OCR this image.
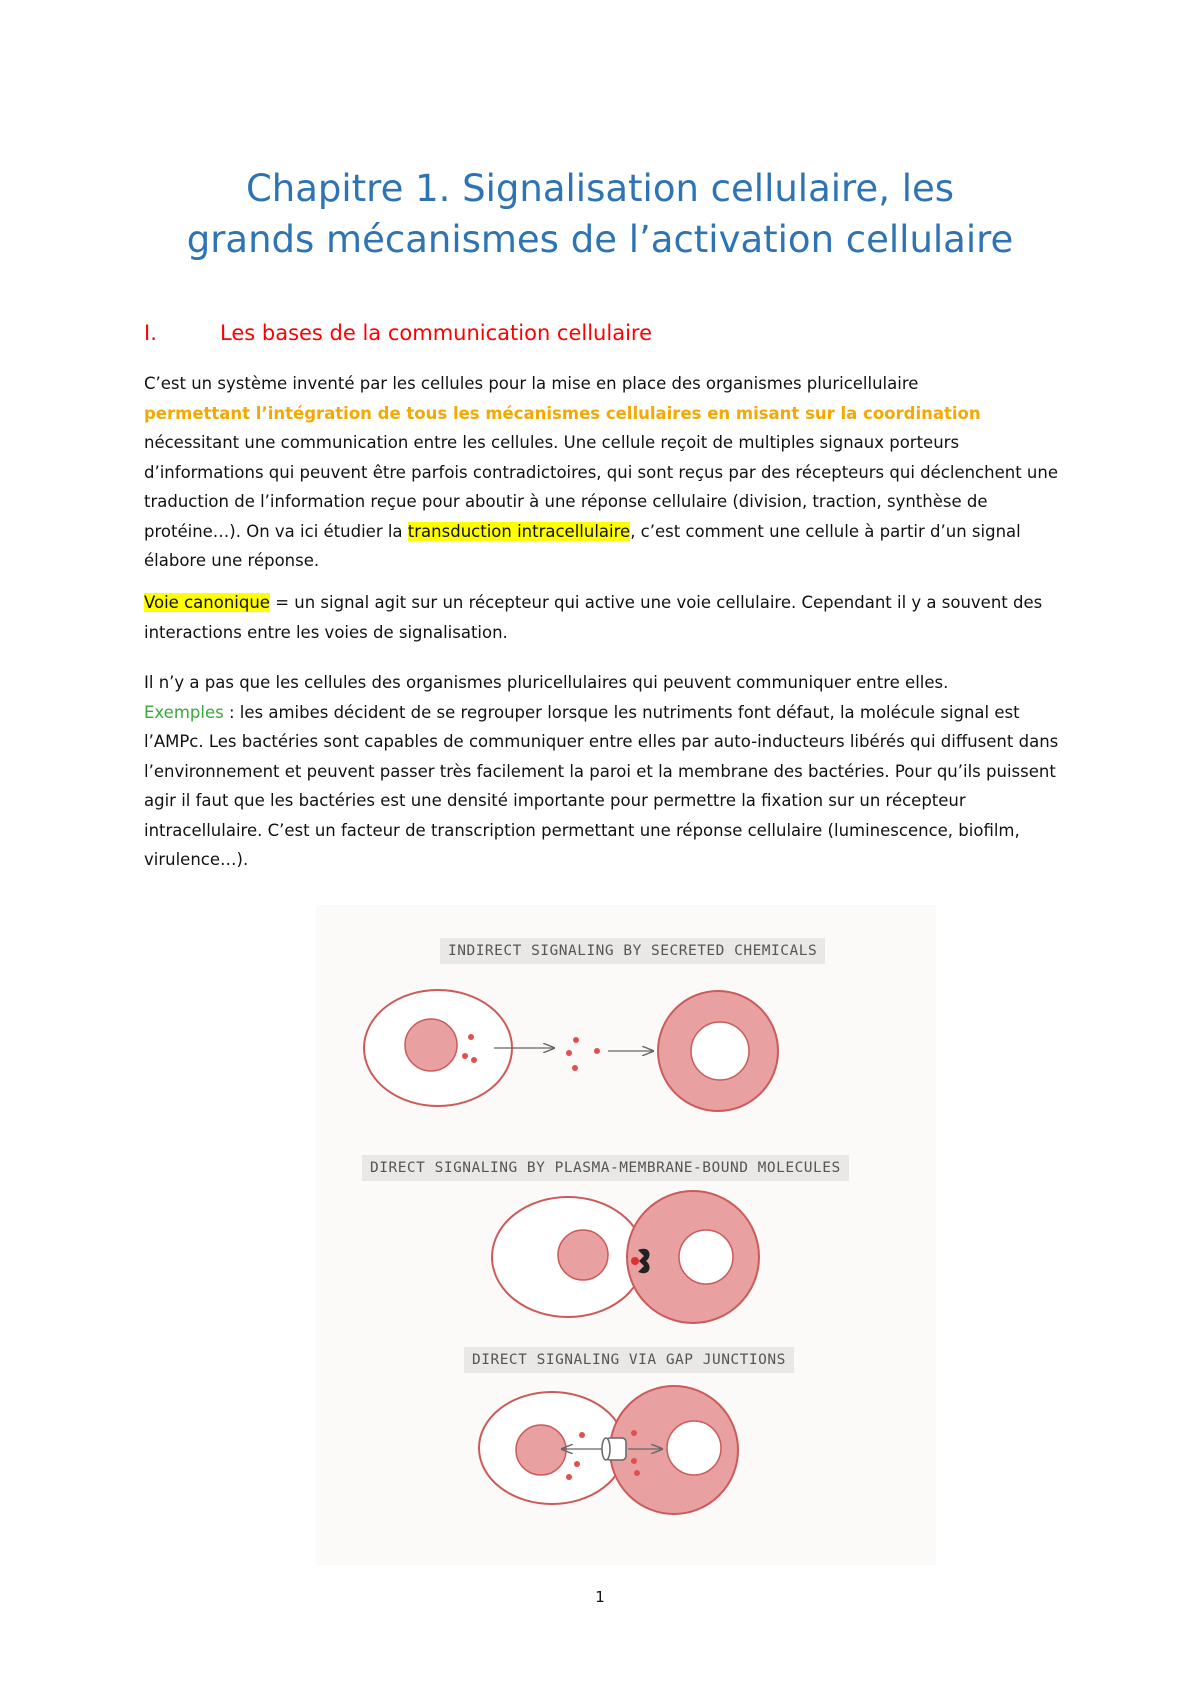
Chapitre 1. Signalisation cellulaire, les
grands mécanismes de l’activation cellulaire
I.	Les bases de la communication cellulaire

C’est un système inventé par les cellules pour la mise en place des organismes pluricellulaire
permettant l’intégration de tous les mécanismes cellulaires en misant sur la coordination
nécessitant une communication entre les cellules. Une cellule reçoit de multiples signaux porteurs d’informations qui peuvent être parfois contradictoires, qui sont reçus par des récepteurs qui déclenchent une traduction de l’information reçue pour aboutir à une réponse cellulaire (division, traction, synthèse de protéine…). On va ici étudier la transduction intracellulaire, c’est comment une cellule à partir d’un signal élabore une réponse.

Voie canonique = un signal agit sur un récepteur qui active une voie cellulaire. Cependant il y a souvent des interactions entre les voies de signalisation.

Il n’y a pas que les cellules des organismes pluricellulaires qui peuvent communiquer entre elles.
Exemples : les amibes décident de se regrouper lorsque les nutriments font défaut, la molécule signal est l’AMPc. Les bactéries sont capables de communiquer entre elles par auto-inducteurs libérés qui diffusent dans l’environnement et peuvent passer très facilement la paroi et la membrane des bactéries. Pour qu’ils puissent agir il faut que les bactéries est une densité importante pour permettre la fixation sur un récepteur intracellulaire. C’est un facteur de transcription permettant une réponse cellulaire (luminescence, biofilm, virulence…).

INDIRECT SIGNALING BY SECRETED CHEMICALS
DIRECT SIGNALING BY PLASMA-MEMBRANE-BOUND MOLECULES
DIRECT SIGNALING VIA GAP JUNCTIONS
1
